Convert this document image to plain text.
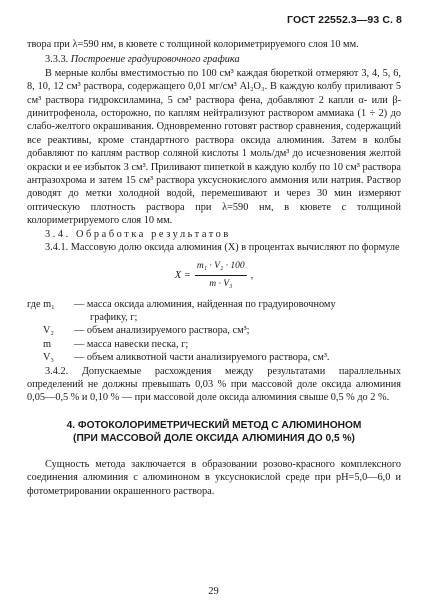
ГОСТ 22552.3—93 С. 8

твора при λ=590 нм, в кювете с толщиной колориметрируемого слоя 10 мм.

3.3.3. Построение градуировочного графика

В мерные колбы вместимостью по 100 см³ каждая бюреткой отмеряют 3, 4, 5, 6, 8, 10, 12 см³ раствора, содержащего 0,01 мг/см³ Al₂O₃. В каждую колбу приливают 5 см³ раствора гидроксиламина, 5 см³ раствора фена, добавляют 2 капли α- или β-динитрофенола, осторожно, по каплям нейтрализуют раствором аммиака (1 ÷ 2) до слабо-желтого окрашивания. Одновременно готовят раствор сравнения, содержащий все реактивы, кроме стандартного раствора оксида алюминия. Затем в колбы добавляют по каплям раствор соляной кислоты 1 моль/дм³ до исчезновения желтой окраски и ее избыток 3 см³. Приливают пипеткой в каждую колбу по 10 см³ раствора антразохрома и затем 15 см³ раствора уксуснокислого аммония или натрия. Раствор доводят до метки холодной водой, перемешивают и через 30 мин измеряют оптическую плотность раствора при λ=590 нм, в кювете с толщиной колориметрируемого слоя 10 мм.

3.4. Обработка результатов

3.4.1. Массовую долю оксида алюминия (X) в процентах вычисляют по формуле

$X = \frac{\text{m₁ · V₂ · 100}}{\text{m · V₃}}$ ,
где m₁	— масса оксида алюминия, найденная по градуировочному
графику, г;
V₂	— объем анализируемого раствора, см³;
m	— масса навески песка, г;
V₃	— объем аликвотной части анализируемого раствора, см³.

3.4.2. Допускаемые расхождения между результатами параллельных определений не должны превышать 0,03 % при массовой доле оксида алюминия 0,05—0,5 % и 0,10 % — при массовой доле оксида алюминия свыше 0,5 % до 2 %.

4. ФОТОКОЛОРИМЕТРИЧЕСКИЙ МЕТОД С АЛЮМИНОНОМ
(ПРИ МАССОВОЙ ДОЛЕ ОКСИДА АЛЮМИНИЯ ДО 0,5 %)

Сущность метода заключается в образовании розово-красного комплексного соединения алюминия с алюминоном в уксуснокислой среде при pH=5,0—6,0 и фотометрировании окрашенного раствора.

29
